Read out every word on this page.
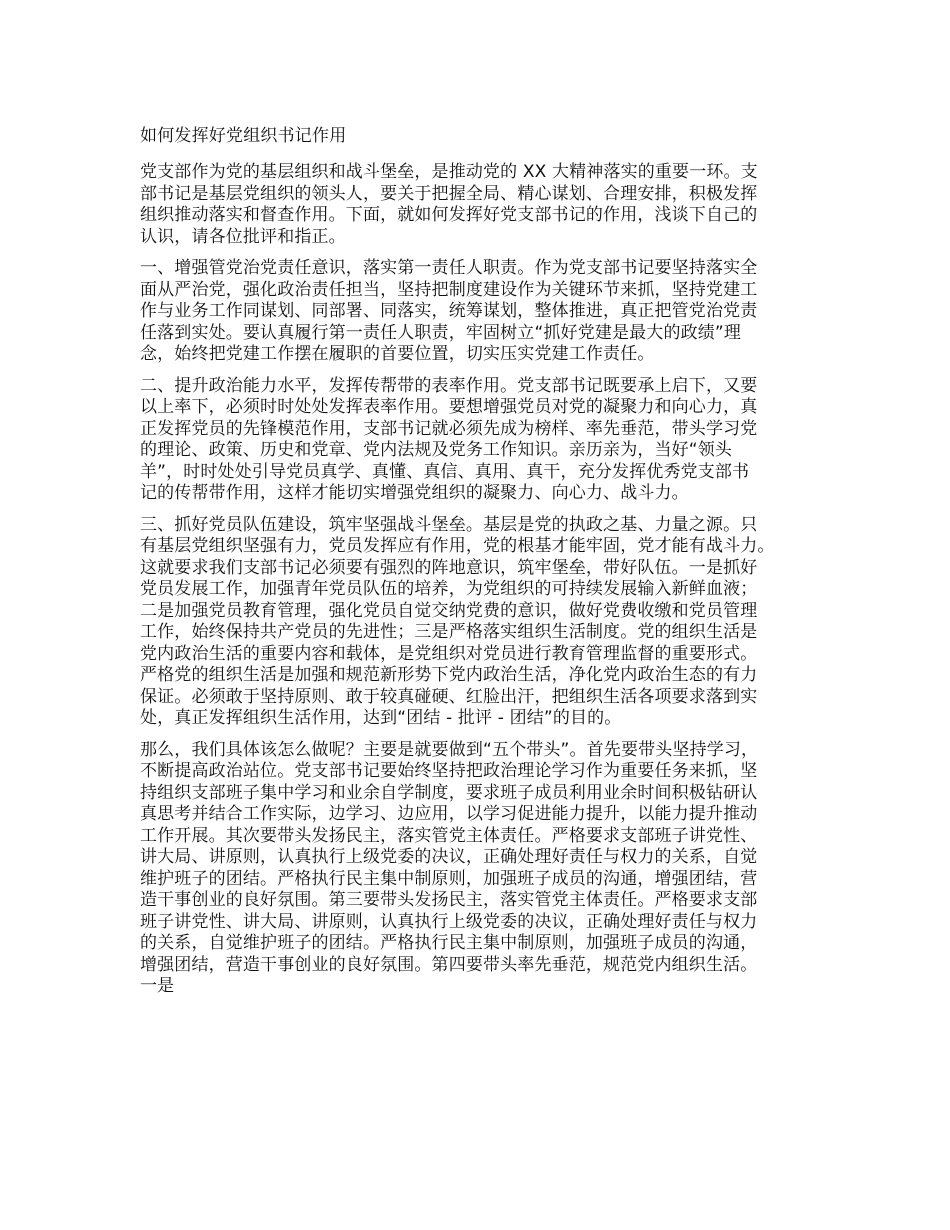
如何发挥好党组织书记作用
党支部作为党的基层组织和战斗堡垒，是推动党的 XX 大精神落实的重要一环。支
部书记是基层党组织的领头人，要关于把握全局、精心谋划、合理安排，积极发挥
组织推动落实和督查作用。下面，就如何发挥好党支部书记的作用，浅谈下自己的
认识，请各位批评和指正。
一、增强管党治党责任意识，落实第一责任人职责。作为党支部书记要坚持落实全
面从严治党，强化政治责任担当，坚持把制度建设作为关键环节来抓，坚持党建工
作与业务工作同谋划、同部署、同落实，统筹谋划，整体推进，真正把管党治党责
任落到实处。要认真履行第一责任人职责，牢固树立“抓好党建是最大的政绩”理
念，始终把党建工作摆在履职的首要位置，切实压实党建工作责任。
二、提升政治能力水平，发挥传帮带的表率作用。党支部书记既要承上启下，又要
以上率下，必须时时处处发挥表率作用。要想增强党员对党的凝聚力和向心力，真
正发挥党员的先锋模范作用，支部书记就必须先成为榜样、率先垂范，带头学习党
的理论、政策、历史和党章、党内法规及党务工作知识。亲历亲为，当好“领头
羊”，时时处处引导党员真学、真懂、真信、真用、真干，充分发挥优秀党支部书
记的传帮带作用，这样才能切实增强党组织的凝聚力、向心力、战斗力。
三、抓好党员队伍建设，筑牢坚强战斗堡垒。基层是党的执政之基、力量之源。只
有基层党组织坚强有力，党员发挥应有作用，党的根基才能牢固，党才能有战斗力。
这就要求我们支部书记必须要有强烈的阵地意识，筑牢堡垒，带好队伍。一是抓好
党员发展工作，加强青年党员队伍的培养，为党组织的可持续发展输入新鲜血液；
二是加强党员教育管理，强化党员自觉交纳党费的意识，做好党费收缴和党员管理
工作，始终保持共产党员的先进性；三是严格落实组织生活制度。党的组织生活是
党内政治生活的重要内容和载体，是党组织对党员进行教育管理监督的重要形式。
严格党的组织生活是加强和规范新形势下党内政治生活，净化党内政治生态的有力
保证。必须敢于坚持原则、敢于较真碰硬、红脸出汗，把组织生活各项要求落到实
处，真正发挥组织生活作用，达到“团结 - 批评 - 团结”的目的。
那么，我们具体该怎么做呢？主要是就要做到“五个带头”。首先要带头坚持学习，
不断提高政治站位。党支部书记要始终坚持把政治理论学习作为重要任务来抓，坚
持组织支部班子集中学习和业余自学制度，要求班子成员利用业余时间积极钻研认
真思考并结合工作实际，边学习、边应用，以学习促进能力提升，以能力提升推动
工作开展。其次要带头发扬民主，落实管党主体责任。严格要求支部班子讲党性、
讲大局、讲原则，认真执行上级党委的决议，正确处理好责任与权力的关系，自觉
维护班子的团结。严格执行民主集中制原则，加强班子成员的沟通，增强团结，营
造干事创业的良好氛围。第三要带头发扬民主，落实管党主体责任。严格要求支部
班子讲党性、讲大局、讲原则，认真执行上级党委的决议，正确处理好责任与权力
的关系，自觉维护班子的团结。严格执行民主集中制原则，加强班子成员的沟通，
增强团结，营造干事创业的良好氛围。第四要带头率先垂范，规范党内组织生活。
一是
